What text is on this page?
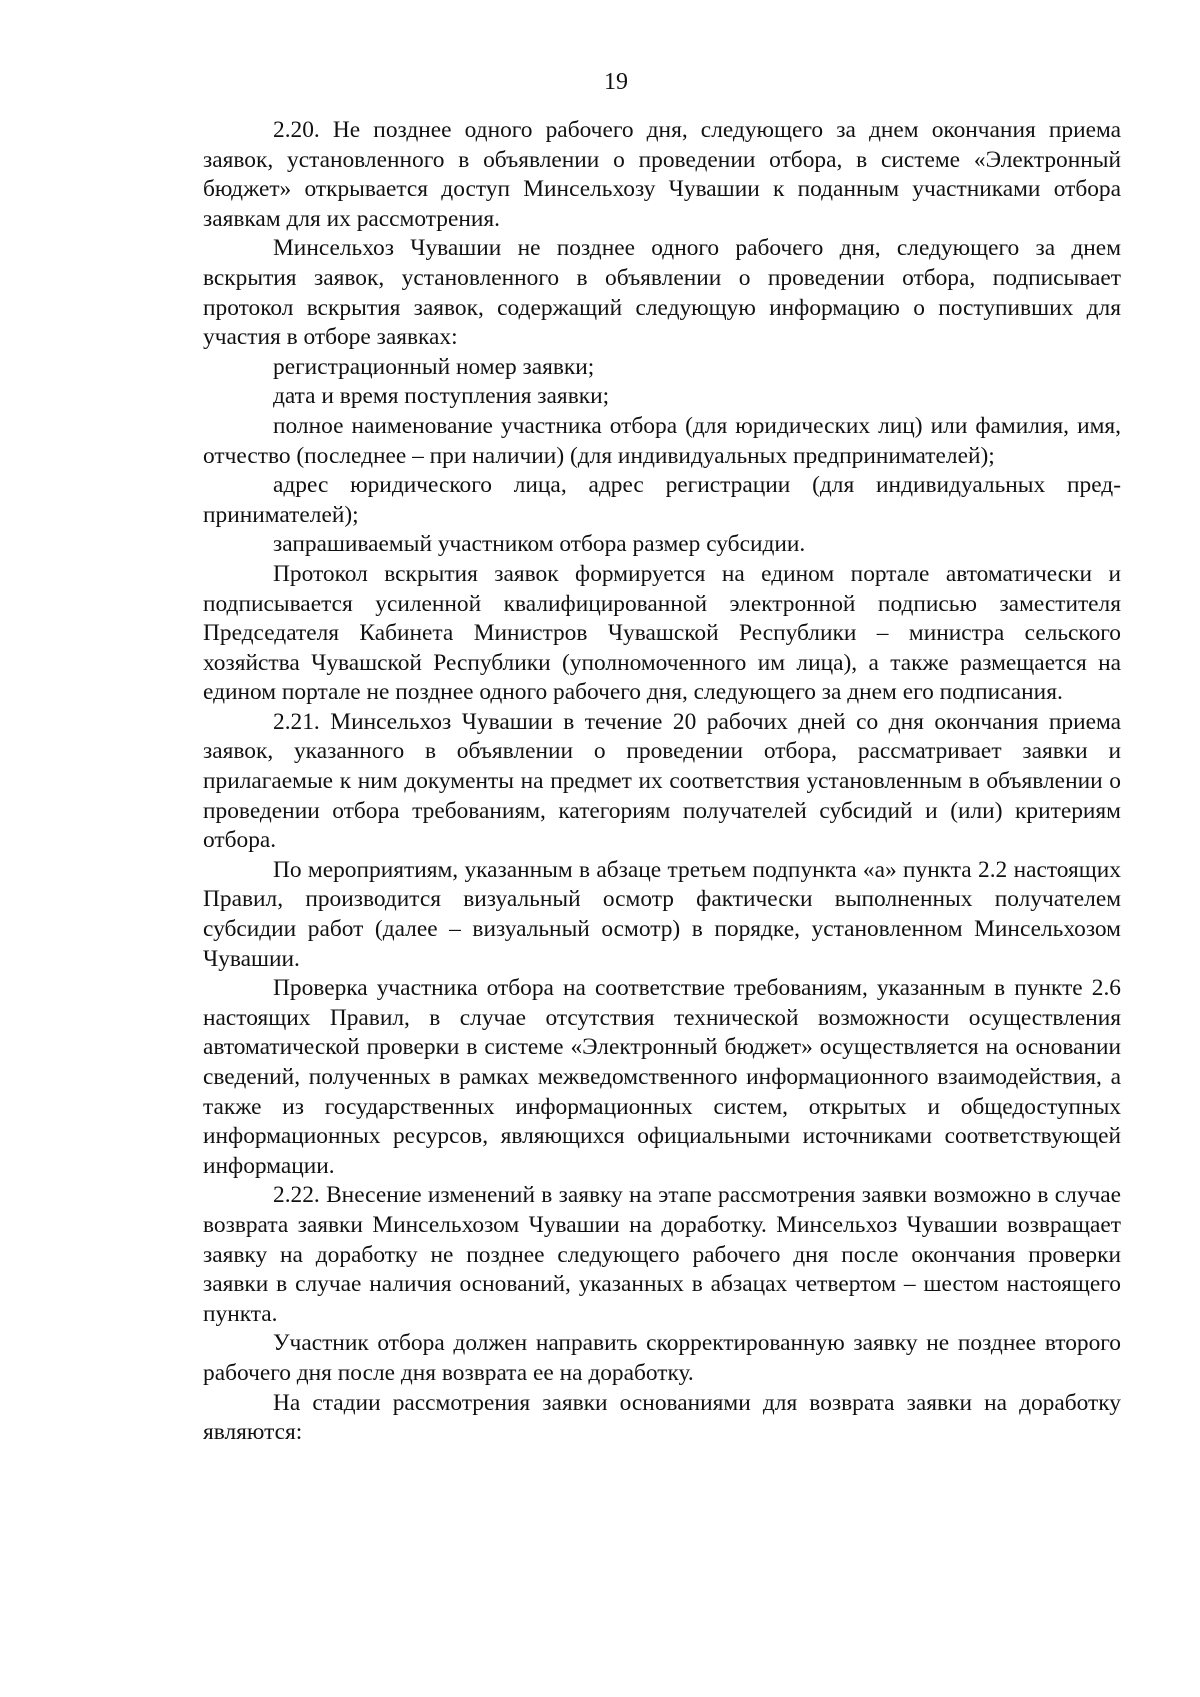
19

2.20. Не позднее одного рабочего дня, следующего за днем окончания приема заявок, установленного в объявлении о проведении отбора, в системе «Электронный бюджет» открывается доступ Минсельхозу Чувашии к поданным участниками отбора заявкам для их рассмотрения.

Минсельхоз Чувашии не позднее одного рабочего дня, следующего за днем вскрытия заявок, установленного в объявлении о проведении отбора, подписывает протокол вскрытия заявок, содержащий следующую информацию о поступивших для участия в отборе заявках:

регистрационный номер заявки;

дата и время поступления заявки;

полное наименование участника отбора (для юридических лиц) или фамилия, имя, отчество (последнее – при наличии) (для индивидуальных предпринимателей);

адрес юридического лица, адрес регистрации (для индивидуальных предпринимателей);

запрашиваемый участником отбора размер субсидии.

Протокол вскрытия заявок формируется на едином портале автоматически и подписывается усиленной квалифицированной электронной подписью заместителя Председателя Кабинета Министров Чувашской Республики – министра сельского хозяйства Чувашской Республики (уполномоченного им лица), а также размещается на едином портале не позднее одного рабочего дня, следующего за днем его подписания.

2.21. Минсельхоз Чувашии в течение 20 рабочих дней со дня окончания приема заявок, указанного в объявлении о проведении отбора, рассматривает заявки и прилагаемые к ним документы на предмет их соответствия установленным в объявлении о проведении отбора требованиям, категориям получателей субсидий и (или) критериям отбора.

По мероприятиям, указанным в абзаце третьем подпункта «а» пункта 2.2 настоящих Правил, производится визуальный осмотр фактически выполненных получателем субсидии работ (далее – визуальный осмотр) в порядке, установленном Минсельхозом Чувашии.

Проверка участника отбора на соответствие требованиям, указанным в пункте 2.6 настоящих Правил, в случае отсутствия технической возможности осуществления автоматической проверки в системе «Электронный бюджет» осуществляется на основании сведений, полученных в рамках межведомственного информационного взаимодействия, а также из государственных информационных систем, открытых и общедоступных информационных ресурсов, являющихся официальными источниками соответствующей информации.

2.22. Внесение изменений в заявку на этапе рассмотрения заявки возможно в случае возврата заявки Минсельхозом Чувашии на доработку. Минсельхоз Чувашии возвращает заявку на доработку не позднее следующего рабочего дня после окончания проверки заявки в случае наличия оснований, указанных в абзацах четвертом – шестом настоящего пункта.

Участник отбора должен направить скорректированную заявку не позднее второго рабочего дня после дня возврата ее на доработку.

На стадии рассмотрения заявки основаниями для возврата заявки на доработку являются:
